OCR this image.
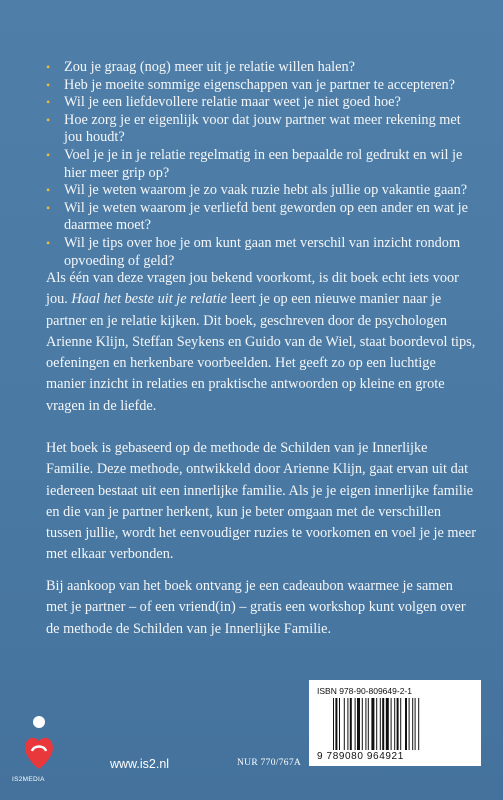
• Zou je graag (nog) meer uit je relatie willen halen?
• Heb je moeite sommige eigenschappen van je partner te accepteren?
• Wil je een liefdevollere relatie maar weet je niet goed hoe?
• Hoe zorg je er eigenlijk voor dat jouw partner wat meer rekening met jou houdt?
• Voel je je in je relatie regelmatig in een bepaalde rol gedrukt en wil je hier meer grip op?
• Wil je weten waarom je zo vaak ruzie hebt als jullie op vakantie gaan?
• Wil je weten waarom je verliefd bent geworden op een ander en wat je daarmee moet?
• Wil je tips over hoe je om kunt gaan met verschil van inzicht rondom opvoeding of geld?

Als één van deze vragen jou bekend voorkomt, is dit boek echt iets voor jou. Haal het beste uit je relatie leert je op een nieuwe manier naar je partner en je relatie kijken. Dit boek, geschreven door de psychologen Arienne Klijn, Steffan Seykens en Guido van de Wiel, staat boordevol tips, oefeningen en herkenbare voorbeelden. Het geeft zo op een luchtige manier inzicht in relaties en praktische antwoorden op kleine en grote vragen in de liefde.

Het boek is gebaseerd op de methode de Schilden van je Innerlijke Familie. Deze methode, ontwikkeld door Arienne Klijn, gaat ervan uit dat iedereen bestaat uit een innerlijke familie. Als je je eigen innerlijke familie en die van je partner herkent, kun je beter omgaan met de verschillen tussen jullie, wordt het eenvoudiger ruzies te voorkomen en voel je je meer met elkaar verbonden.

Bij aankoop van het boek ontvang je een cadeaubon waarmee je samen met je partner – of een vriend(in) – gratis een workshop kunt volgen over de methode de Schilden van je Innerlijke Familie.

ISBN 978-90-809649-2-1
9 789080 964921
IS2MEDIA
www.is2.nl	NUR 770/767A
